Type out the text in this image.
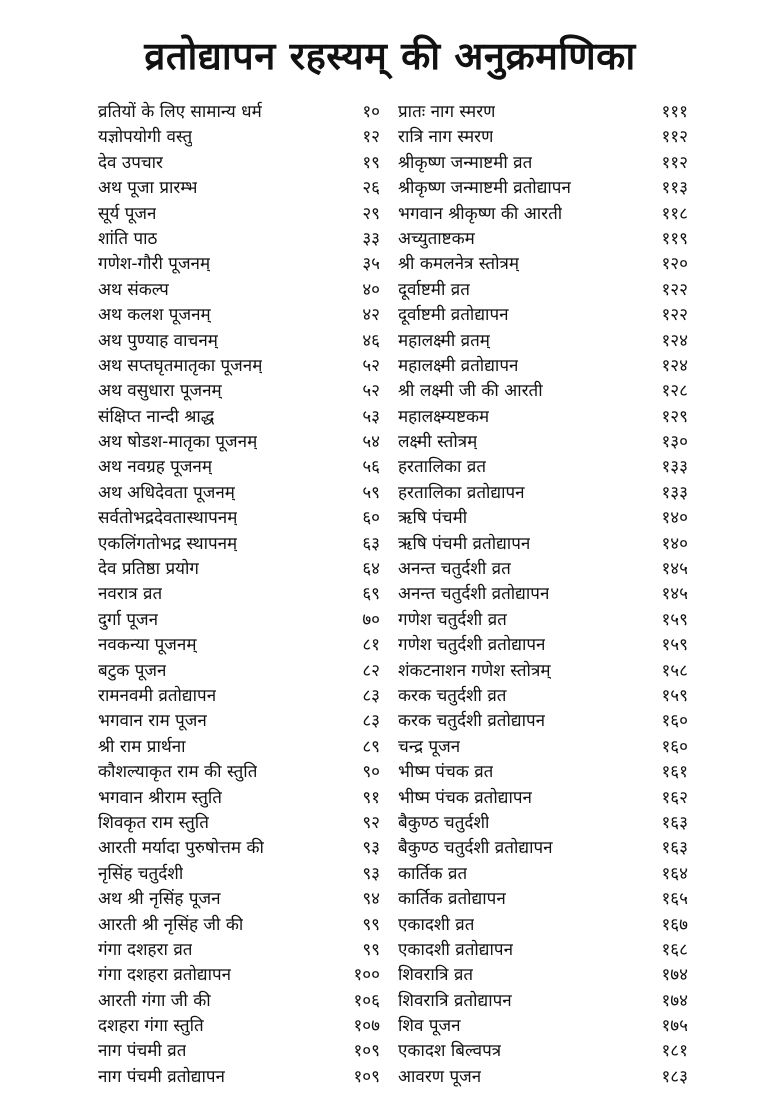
व्रतोद्यापन रहस्यम् की अनुक्रमणिका
व्रतियों के लिए सामान्य धर्म	१०
यज्ञोपयोगी वस्तु	१२
देव उपचार	१९
अथ पूजा प्रारम्भ	२६
सूर्य पूजन	२९
शांति पाठ	३३
गणेश-गौरी पूजनम्	३५
अथ संकल्प	४०
अथ कलश पूजनम्	४२
अथ पुण्याह वाचनम्	४६
अथ सप्तघृतमातृका पूजनम्	५२
अथ वसुधारा पूजनम्	५२
संक्षिप्त नान्दी श्राद्ध	५३
अथ षोडश-मातृका पूजनम्	५४
अथ नवग्रह पूजनम्	५६
अथ अधिदेवता पूजनम्	५९
सर्वतोभद्रदेवतास्थापनम्	६०
एकलिंगतोभद्र स्थापनम्	६३
देव प्रतिष्ठा प्रयोग	६४
नवरात्र व्रत	६९
दुर्गा पूजन	७०
नवकन्या पूजनम्	८१
बटुक पूजन	८२
रामनवमी व्रतोद्यापन	८३
भगवान राम पूजन	८३
श्री राम प्रार्थना	८९
कौशल्याकृत राम की स्तुति	९०
भगवान श्रीराम स्तुति	९१
शिवकृत राम स्तुति	९२
आरती मर्यादा पुरुषोत्तम की	९३
नृसिंह चतुर्दशी	९३
अथ श्री नृसिंह पूजन	९४
आरती श्री नृसिंह जी की	९९
गंगा दशहरा व्रत	९९
गंगा दशहरा व्रतोद्यापन	१००
आरती गंगा जी की	१०६
दशहरा गंगा स्तुति	१०७
नाग पंचमी व्रत	१०९
नाग पंचमी व्रतोद्यापन	१०९
प्रातः नाग स्मरण	१११
रात्रि नाग स्मरण	११२
श्रीकृष्ण जन्माष्टमी व्रत	११२
श्रीकृष्ण जन्माष्टमी व्रतोद्यापन	११३
भगवान श्रीकृष्ण की आरती	११८
अच्युताष्टकम	११९
श्री कमलनेत्र स्तोत्रम्	१२०
दूर्वाष्टमी व्रत	१२२
दूर्वाष्टमी व्रतोद्यापन	१२२
महालक्ष्मी व्रतम्	१२४
महालक्ष्मी व्रतोद्यापन	१२४
श्री लक्ष्मी जी की आरती	१२८
महालक्ष्म्यष्टकम	१२९
लक्ष्मी स्तोत्रम्	१३०
हरतालिका व्रत	१३३
हरतालिका व्रतोद्यापन	१३३
ऋषि पंचमी	१४०
ऋषि पंचमी व्रतोद्यापन	१४०
अनन्त चतुर्दशी व्रत	१४५
अनन्त चतुर्दशी व्रतोद्यापन	१४५
गणेश चतुर्दशी व्रत	१५९
गणेश चतुर्दशी व्रतोद्यापन	१५९
शंकटनाशन गणेश स्तोत्रम्	१५८
करक चतुर्दशी व्रत	१५९
करक चतुर्दशी व्रतोद्यापन	१६०
चन्द्र पूजन	१६०
भीष्म पंचक व्रत	१६१
भीष्म पंचक व्रतोद्यापन	१६२
बैकुण्ठ चतुर्दशी	१६३
बैकुण्ठ चतुर्दशी व्रतोद्यापन	१६३
कार्तिक व्रत	१६४
कार्तिक व्रतोद्यापन	१६५
एकादशी व्रत	१६७
एकादशी व्रतोद्यापन	१६८
शिवरात्रि व्रत	१७४
शिवरात्रि व्रतोद्यापन	१७४
शिव पूजन	१७५
एकादश बिल्वपत्र	१८१
आवरण पूजन	१८३
